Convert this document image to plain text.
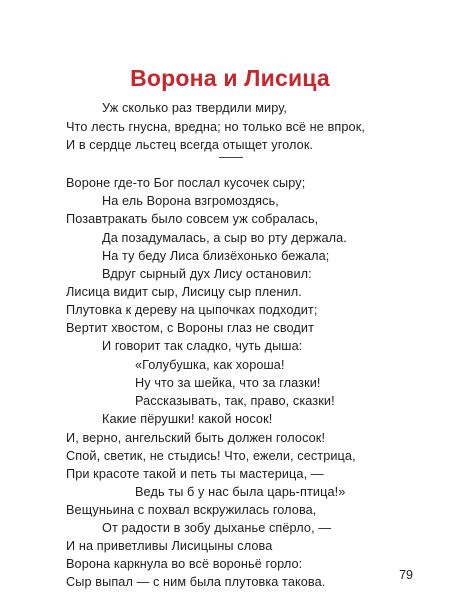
Ворона и Лисица
Уж сколько раз твердили миру,
Что лесть гнусна, вредна; но только всё не впрок,
И в сердце льстец всегда отыщет уголок.
Вороне где-то Бог послал кусочек сыру;
На ель Ворона взгромоздясь,
Позавтракать было совсем уж собралась,
Да позадумалась, а сыр во рту держала.
На ту беду Лиса близёхонько бежала;
Вдруг сырный дух Лису остановил:
Лисица видит сыр, Лисицу сыр пленил.
Плутовка к дереву на цыпочках подходит;
Вертит хвостом, с Вороны глаз не сводит
И говорит так сладко, чуть дыша:
«Голубушка, как хороша!
Ну что за шейка, что за глазки!
Рассказывать, так, право, сказки!
Какие пёрушки! какой носок!
И, верно, ангельский быть должен голосок!
Спой, светик, не стыдись! Что, ежели, сестрица,
При красоте такой и петь ты мастерица, —
Ведь ты б у нас была царь-птица!»
Вещуньина с похвал вскружилась голова,
От радости в зобу дыханье спёрло, —
И на приветливы Лисицыны слова
Ворона каркнула во всё вороньё горло:
Сыр выпал — с ним была плутовка такова.	79
